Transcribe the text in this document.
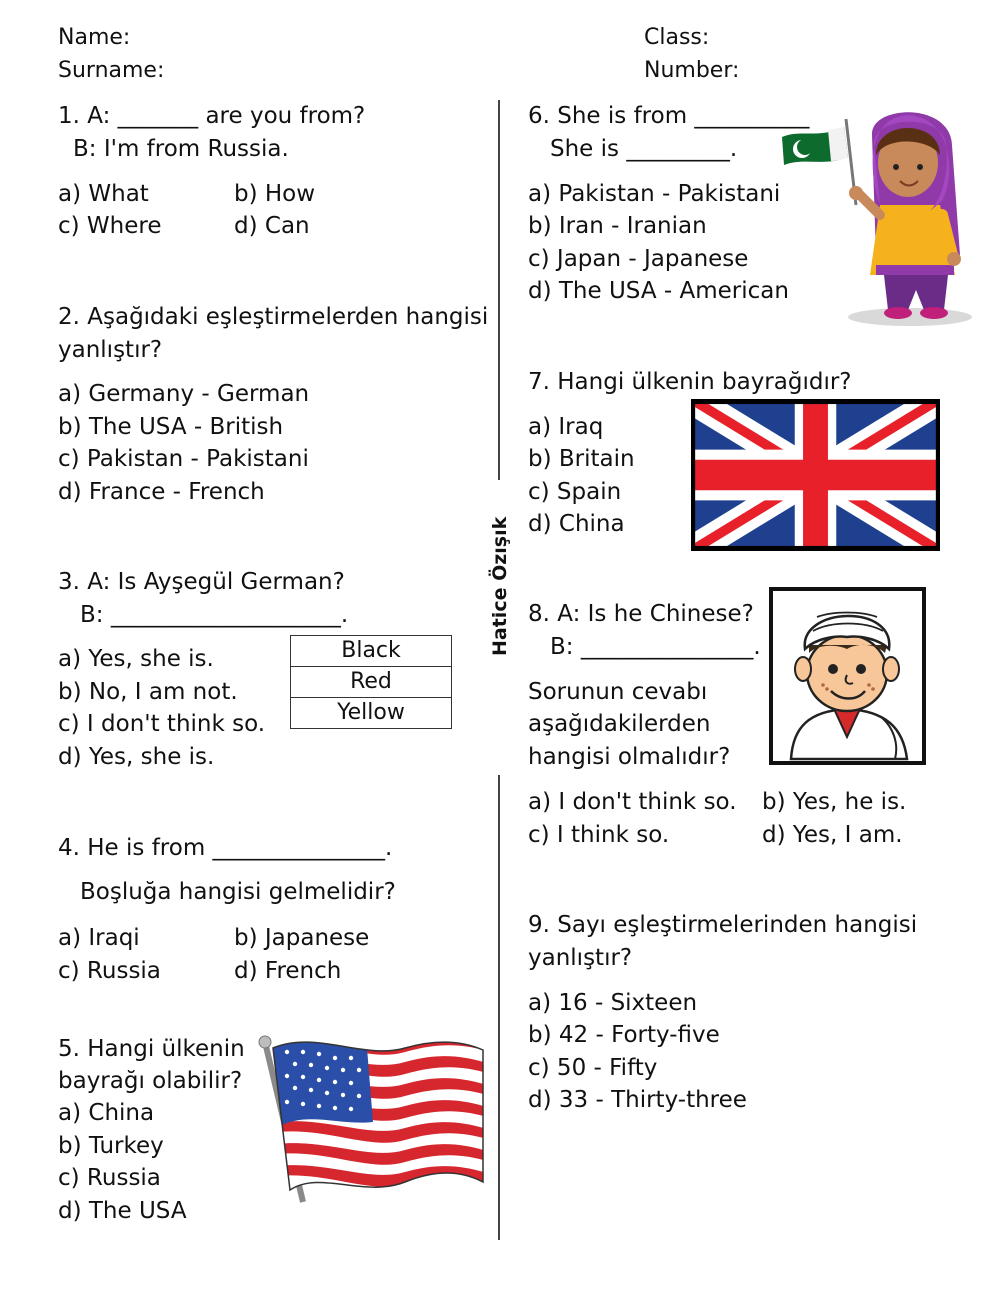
Name:
Surname:
Class:
Number:
Hatice Özışık
1. A: _______ are you from?
B: I'm from Russia.
a) What	b) How
c) Where	d) Can
2. Aşağıdaki eşleştirmelerden hangisi
yanlıştır?
a) Germany - German
b) The USA - British
c) Pakistan - Pakistani
d) France - French
3. A: Is Ayşegül German?
B: ____________________.
a) Yes, she is.
b) No, I am not.
c) I don't think so.
d) Yes, she is.
Black
Red
Yellow
4. He is from _______________.
Boşluğa hangisi gelmelidir?
a) Iraqi	b) Japanese
c) Russia	d) French
5. Hangi ülkenin
bayrağı olabilir?
a) China
b) Turkey
c) Russia
d) The USA
6. She is from __________
She is _________.
a) Pakistan - Pakistani
b) Iran - Iranian
c) Japan - Japanese
d) The USA - American
7. Hangi ülkenin bayrağıdır?
a) Iraq
b) Britain
c) Spain
d) China
8. A: Is he Chinese?
B: _______________.
Sorunun cevabı
aşağıdakilerden
hangisi olmalıdır?
a) I don't think so. b) Yes, he is.
c) I think so.	d) Yes, I am.
9. Sayı eşleştirmelerinden hangisi
yanlıştır?
a) 16 - Sixteen
b) 42 - Forty-five
c) 50 - Fifty
d) 33 - Thirty-three
